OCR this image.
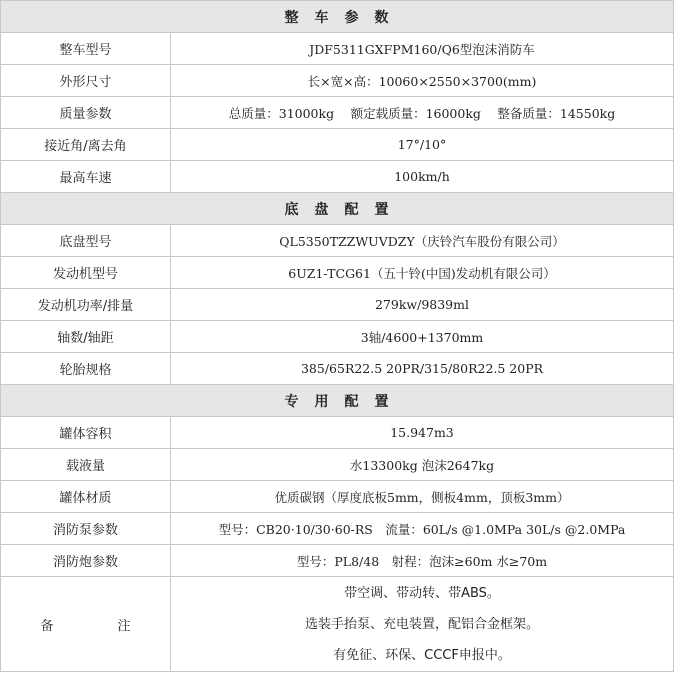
整　车　参　数	
整车型号	JDF5311GXFPM160/Q6型泡沫消防车
外形尺寸	长×宽×高：10060×2550×3700(mm)
质量参数	总质量：31000kg　 额定载质量：16000kg　 整备质量：14550kg
接近角/离去角	17°/10°
最高车速	100km/h
底　盘　配　置	
底盘型号	QL5350TZZWUVDZY（庆铃汽车股份有限公司）
发动机型号	6UZ1-TCG61（五十铃(中国)发动机有限公司）
发动机功率/排量	279kw/9839ml
轴数/轴距	3轴/4600+1370mm
轮胎规格	385/65R22.5 20PR/315/80R22.5 20PR
专　用　配　置	
罐体容积	15.947m3
载液量	水13300kg 泡沫2647kg
罐体材质	优质碳钢（厚度底板5mm，侧板4mm，顶板3mm）
消防泵参数	型号：CB20·10/30·60-RS　流量：60L/s @1.0MPa 30L/s @2.0MPa
消防炮参数	型号：PL8/48　射程：泡沫≥60m 水≥70m
备　注	带空调、带动转、带ABS。
选装手抬泵、充电装置，配铝合金框架。
有免征、环保、CCCF申报中。
